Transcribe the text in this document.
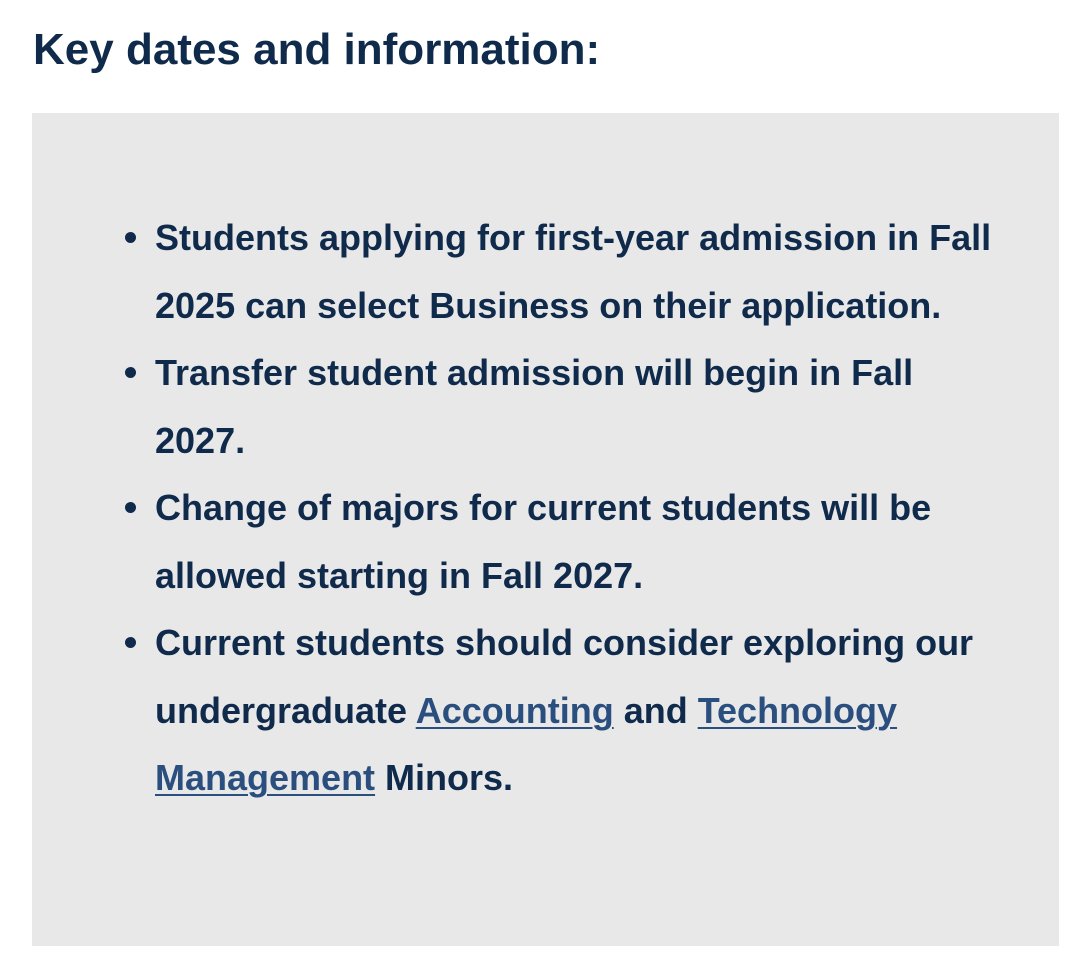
Key dates and information:
Students applying for first-year admission in Fall 2025 can select Business on their application.
Transfer student admission will begin in Fall 2027.
Change of majors for current students will be allowed starting in Fall 2027.
Current students should consider exploring our undergraduate Accounting and Technology Management Minors.
